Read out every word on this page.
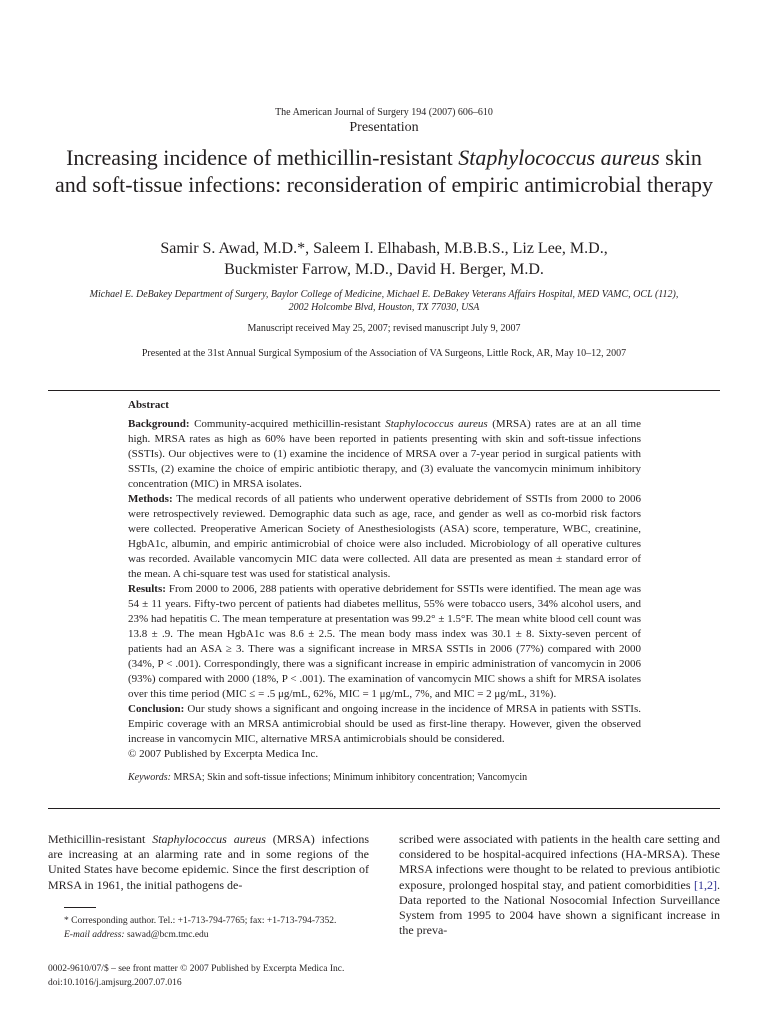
The American Journal of Surgery 194 (2007) 606–610
Presentation
Increasing incidence of methicillin-resistant Staphylococcus aureus skin and soft-tissue infections: reconsideration of empiric antimicrobial therapy
Samir S. Awad, M.D.*, Saleem I. Elhabash, M.B.B.S., Liz Lee, M.D.,
Buckmister Farrow, M.D., David H. Berger, M.D.
Michael E. DeBakey Department of Surgery, Baylor College of Medicine, Michael E. DeBakey Veterans Affairs Hospital, MED VAMC, OCL (112),
2002 Holcombe Blvd, Houston, TX 77030, USA
Manuscript received May 25, 2007; revised manuscript July 9, 2007
Presented at the 31st Annual Surgical Symposium of the Association of VA Surgeons, Little Rock, AR, May 10–12, 2007

Abstract

Background: Community-acquired methicillin-resistant Staphylococcus aureus (MRSA) rates are at an all time high. MRSA rates as high as 60% have been reported in patients presenting with skin and soft-tissue infections (SSTIs). Our objectives were to (1) examine the incidence of MRSA over a 7-year period in surgical patients with SSTIs, (2) examine the choice of empiric antibiotic therapy, and (3) evaluate the vancomycin minimum inhibitory concentration (MIC) in MRSA isolates.

Methods: The medical records of all patients who underwent operative debridement of SSTIs from 2000 to 2006 were retrospectively reviewed. Demographic data such as age, race, and gender as well as co-morbid risk factors were collected. Preoperative American Society of Anesthesiologists (ASA) score, temperature, WBC, creatinine, HgbA1c, albumin, and empiric antimicrobial of choice were also included. Microbiology of all operative cultures was recorded. Available vancomycin MIC data were collected. All data are presented as mean ± standard error of the mean. A chi-square test was used for statistical analysis.

Results: From 2000 to 2006, 288 patients with operative debridement for SSTIs were identified. The mean age was 54 ± 11 years. Fifty-two percent of patients had diabetes mellitus, 55% were tobacco users, 34% alcohol users, and 23% had hepatitis C. The mean temperature at presentation was 99.2° ± 1.5°F. The mean white blood cell count was 13.8 ± .9. The mean HgbA1c was 8.6 ± 2.5. The mean body mass index was 30.1 ± 8. Sixty-seven percent of patients had an ASA ≥ 3. There was a significant increase in MRSA SSTIs in 2006 (77%) compared with 2000 (34%, P < .001). Correspondingly, there was a significant increase in empiric administration of vancomycin in 2006 (93%) compared with 2000 (18%, P < .001). The examination of vancomycin MIC shows a shift for MRSA isolates over this time period (MIC ≤ = .5 μg/mL, 62%, MIC = 1 μg/mL, 7%, and MIC = 2 μg/mL, 31%).

Conclusion: Our study shows a significant and ongoing increase in the incidence of MRSA in patients with SSTIs. Empiric coverage with an MRSA antimicrobial should be used as first-line therapy. However, given the observed increase in vancomycin MIC, alternative MRSA antimicrobials should be considered.

© 2007 Published by Excerpta Medica Inc.

Keywords: MRSA; Skin and soft-tissue infections; Minimum inhibitory concentration; Vancomycin

Methicillin-resistant Staphylococcus aureus (MRSA) infections are increasing at an alarming rate and in some regions of the United States have become epidemic. Since the first description of MRSA in 1961, the initial pathogens de-

scribed were associated with patients in the health care setting and considered to be hospital-acquired infections (HA-MRSA). These MRSA infections were thought to be related to previous antibiotic exposure, prolonged hospital stay, and patient comorbidities [1,2]. Data reported to the National Nosocomial Infection Surveillance System from 1995 to 2004 have shown a significant increase in the preva-

* Corresponding author. Tel.: +1-713-794-7765; fax: +1-713-794-7352.

E-mail address: sawad@bcm.tmc.edu

0002-9610/07/$ – see front matter © 2007 Published by Excerpta Medica Inc.

doi:10.1016/j.amjsurg.2007.07.016
